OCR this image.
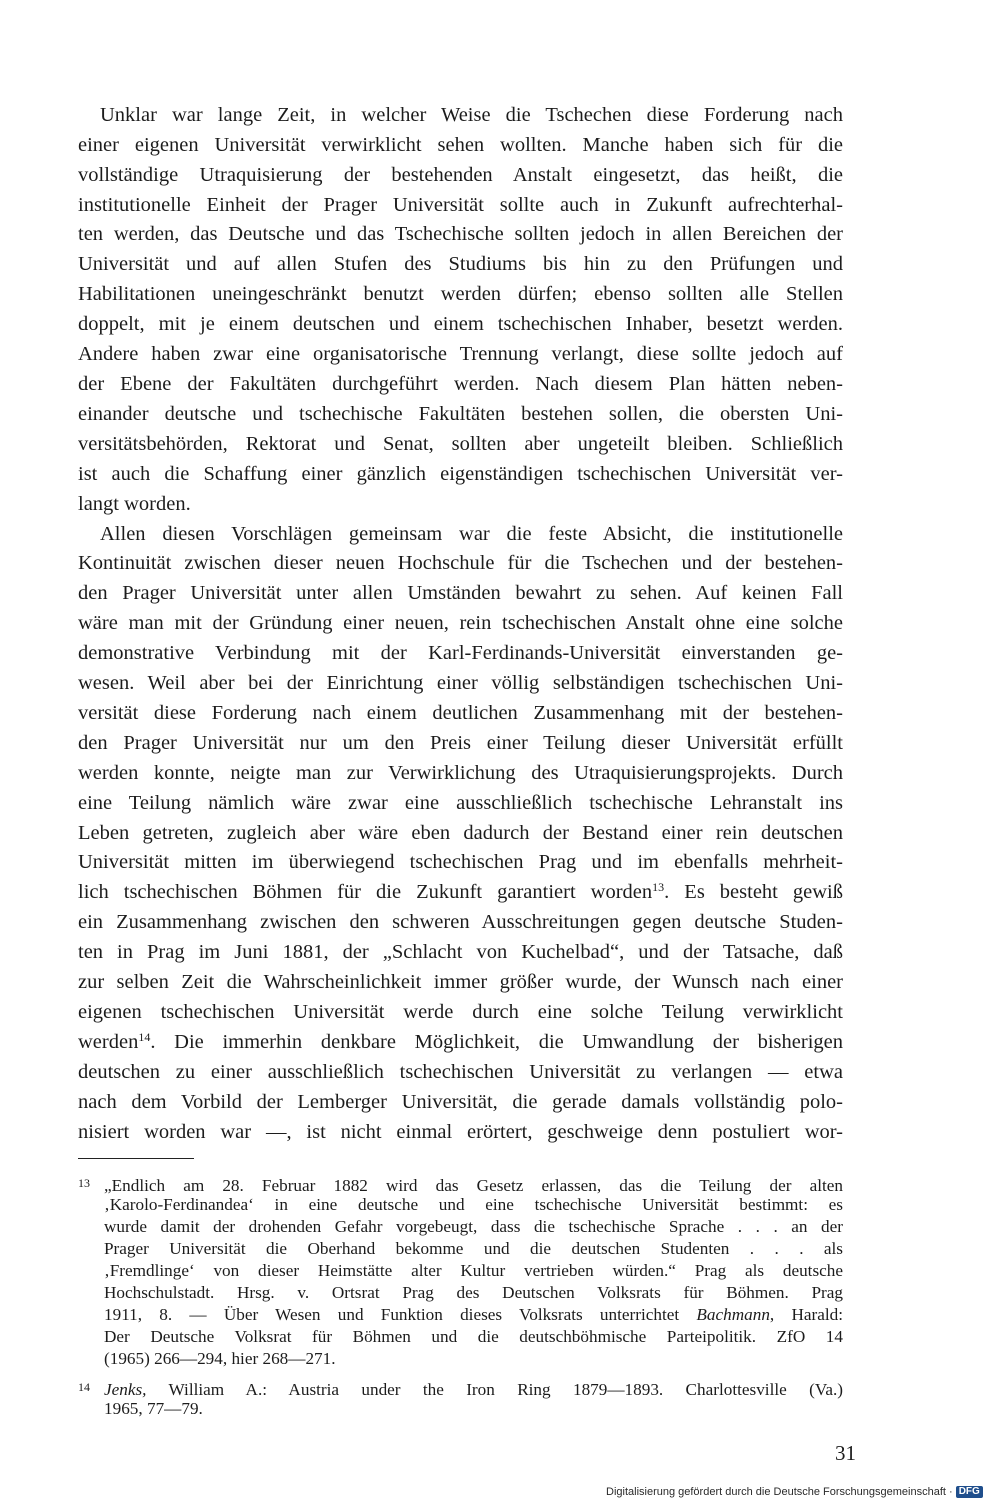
Unklar war lange Zeit, in welcher Weise die Tschechen diese Forderung nach
einer eigenen Universität verwirklicht sehen wollten. Manche haben sich für die
vollständige Utraquisierung der bestehenden Anstalt eingesetzt, das heißt, die
institutionelle Einheit der Prager Universität sollte auch in Zukunft aufrechterhal-
ten werden, das Deutsche und das Tschechische sollten jedoch in allen Bereichen der
Universität und auf allen Stufen des Studiums bis hin zu den Prüfungen und
Habilitationen uneingeschränkt benutzt werden dürfen; ebenso sollten alle Stellen
doppelt, mit je einem deutschen und einem tschechischen Inhaber, besetzt werden.
Andere haben zwar eine organisatorische Trennung verlangt, diese sollte jedoch auf
der Ebene der Fakultäten durchgeführt werden. Nach diesem Plan hätten neben-
einander deutsche und tschechische Fakultäten bestehen sollen, die obersten Uni-
versitätsbehörden, Rektorat und Senat, sollten aber ungeteilt bleiben. Schließlich
ist auch die Schaffung einer gänzlich eigenständigen tschechischen Universität ver-
langt worden.
Allen diesen Vorschlägen gemeinsam war die feste Absicht, die institutionelle
Kontinuität zwischen dieser neuen Hochschule für die Tschechen und der bestehen-
den Prager Universität unter allen Umständen bewahrt zu sehen. Auf keinen Fall
wäre man mit der Gründung einer neuen, rein tschechischen Anstalt ohne eine solche
demonstrative Verbindung mit der Karl-Ferdinands-Universität einverstanden ge-
wesen. Weil aber bei der Einrichtung einer völlig selbständigen tschechischen Uni-
versität diese Forderung nach einem deutlichen Zusammenhang mit der bestehen-
den Prager Universität nur um den Preis einer Teilung dieser Universität erfüllt
werden konnte, neigte man zur Verwirklichung des Utraquisierungsprojekts. Durch
eine Teilung nämlich wäre zwar eine ausschließlich tschechische Lehranstalt ins
Leben getreten, zugleich aber wäre eben dadurch der Bestand einer rein deutschen
Universität mitten im überwiegend tschechischen Prag und im ebenfalls mehrheit-
lich tschechischen Böhmen für die Zukunft garantiert worden$^{13}$. Es besteht gewiß
ein Zusammenhang zwischen den schweren Ausschreitungen gegen deutsche Studen-
ten in Prag im Juni 1881, der „Schlacht von Kuchelbad“, und der Tatsache, daß
zur selben Zeit die Wahrscheinlichkeit immer größer wurde, der Wunsch nach einer
eigenen tschechischen Universität werde durch eine solche Teilung verwirklicht
werden$^{14}$. Die immerhin denkbare Möglichkeit, die Umwandlung der bisherigen
deutschen zu einer ausschließlich tschechischen Universität zu verlangen — etwa
nach dem Vorbild der Lemberger Universität, die gerade damals vollständig polo-
nisiert worden war —, ist nicht einmal erörtert, geschweige denn postuliert wor-
13 „Endlich am 28. Februar 1882 wird das Gesetz erlassen, das die Teilung der alten
‚Karolo-Ferdinandea‘ in eine deutsche und eine tschechische Universität bestimmt: es
wurde damit der drohenden Gefahr vorgebeugt, dass die tschechische Sprache . . . an der
Prager Universität die Oberhand bekomme und die deutschen Studenten . . . als
‚Fremdlinge‘ von dieser Heimstätte alter Kultur vertrieben würden.“ Prag als deutsche
Hochschulstadt. Hrsg. v. Ortsrat Prag des Deutschen Volksrats für Böhmen. Prag
1911, 8. — Über Wesen und Funktion dieses Volksrats unterrichtet Bachmann, Harald:
Der Deutsche Volksrat für Böhmen und die deutschböhmische Parteipolitik. ZfO 14
(1965) 266—294, hier 268—271.
14 Jenks, William A.: Austria under the Iron Ring 1879—1893. Charlottesville (Va.)
1965, 77—79.
31
Digitalisierung gefördert durch die Deutsche Forschungsgemeinschaft · DFG
